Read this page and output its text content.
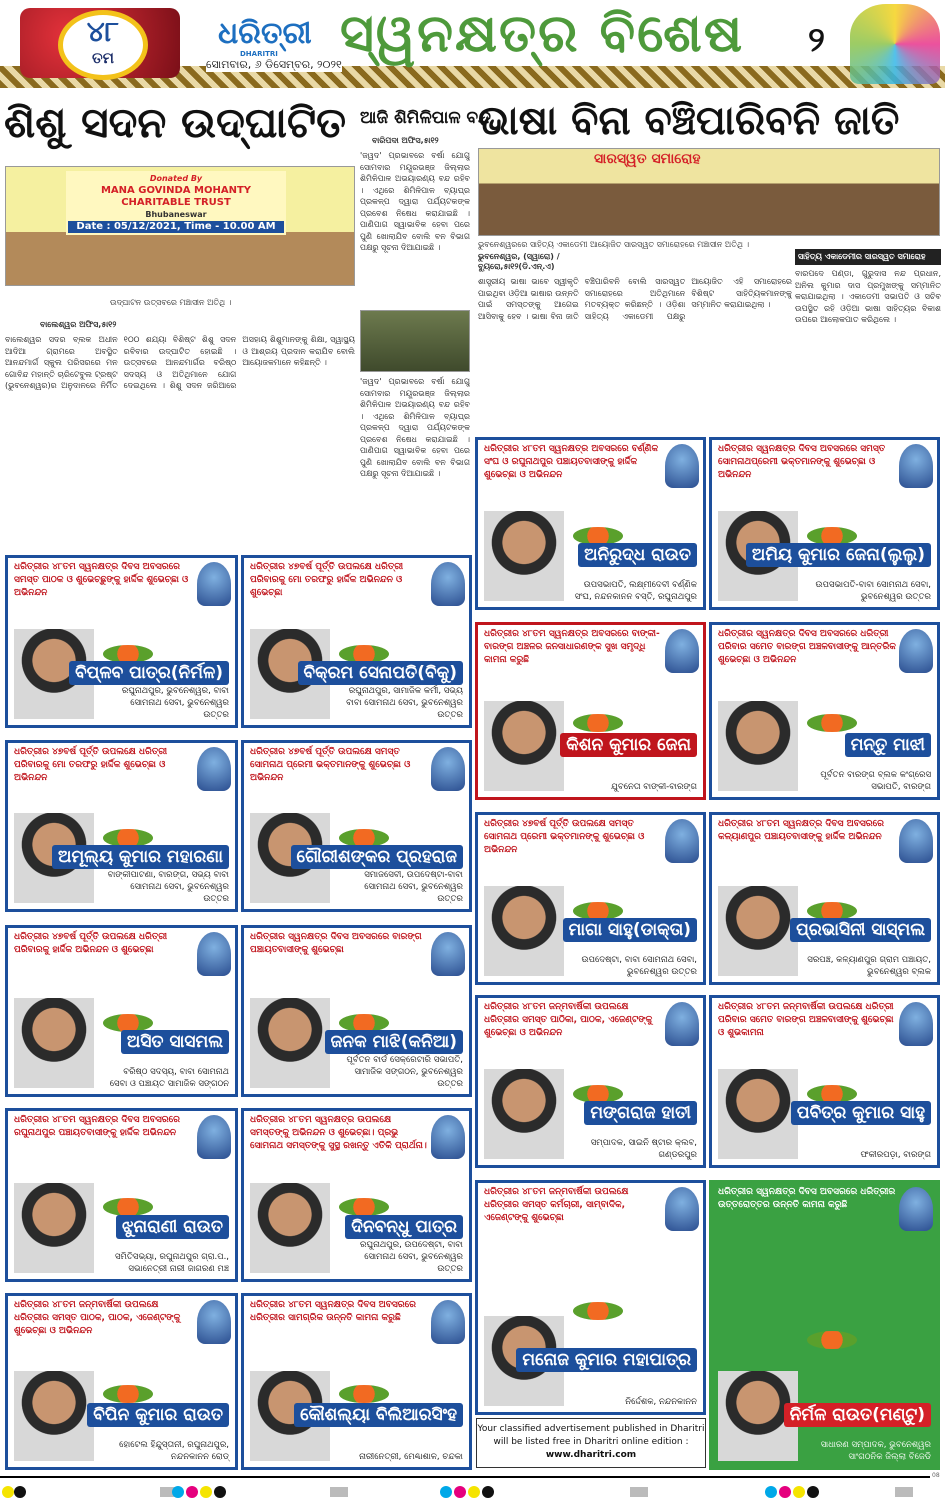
୪୮
ତମ
ଧରିତ୍ରୀ
DHARITRI
ସୋମବାର, ୬ ଡିସେମ୍ବର, ୨୦୨୧
ସ୍ୱନକ୍ଷତ୍ର ବିଶେଷ ୨
ଶିଶୁ ସଦନ ଉଦ୍‌ଘାଟିତ
Donated By
MANA GOVINDA MOHANTY
CHARITABLE TRUST
Bhubaneswar
Date : 05/12/2021, Time - 10.00 AM
ଉଦ୍‌ଘାଟନ ଉତ୍ସବରେ ମଞ୍ଚାସୀନ ଅତିଥି ।
ବାଲେଶ୍ୱର ଅଫିସ,୫ା୧୨
ବାଲେଶ୍ୱର ସଦର ବ୍ଲକ ଅଧୀନ ଆଦିଆ ଗ୍ରାମରେ ଅବସ୍ଥିତ ଆନନ୍ଦମାର୍ଗ ସ୍କୁଲ ପରିସରରେ ମନ ଗୋବିନ୍ଦ ମହାନ୍ତି ଚାରିଟେବୁଲ ଟ୍ରଷ୍ଟ (ଭୁବନେଶ୍ୱର)ର ଅନୁଦାନରେ ନିର୍ମିତ ୧୦୦ ଶଯ୍ୟା ବିଶିଷ୍ଟ ଶିଶୁ ସଦନ ରବିବାର ଉଦ୍‌ଘାଟିତ ହୋଇଛି । ଉତ୍ସବରେ ଆନନ୍ଦମାର୍ଗର ବରିଷ୍ଠ ସଦସ୍ୟ ଓ ଅତିଥିମାନେ ଯୋଗ ଦେଇଥିଲେ । ଶିଶୁ ସଦନ ଜରିଆରେ ଅସହାୟ ଶିଶୁମାନଙ୍କୁ ଶିକ୍ଷା, ସ୍ୱାସ୍ଥ୍ୟ ଓ ଆଶ୍ରୟ ପ୍ରଦାନ କରାଯିବ ବୋଲି ଆୟୋଜକମାନେ କହିଛନ୍ତି ।
ଆଜି ଶିମିଳିପାଳ ବନ୍ଦ
ବାରିପଦା ଅଫିସ,୫ା୧୨
'ଜୱଦ' ପ୍ରଭାବରେ ବର୍ଷା ଯୋଗୁ ସୋମବାର ମୟୂରଭଞ୍ଜ ଜିଲ୍ଲାର ଶିମିଳିପାଳ ଅଭୟାରଣ୍ୟ ବନ୍ଦ ରହିବ । ଏଥିରେ ଶିମିଳିପାଳ ବ୍ୟାଘ୍ର ପ୍ରକଳ୍ପ ଦ୍ୱାରା ପର୍ଯ୍ୟଟକଙ୍କ ପ୍ରବେଶ ନିଷେଧ କରାଯାଇଛି । ପାଣିପାଗ ସ୍ୱାଭାବିକ ହେବା ପରେ ପୁଣି ଖୋଲାଯିବ ବୋଲି ବନ ବିଭାଗ ପକ୍ଷରୁ ସୂଚନା ଦିଆଯାଇଛି ।
'ଜୱଦ' ପ୍ରଭାବରେ ବର୍ଷା ଯୋଗୁ ସୋମବାର ମୟୂରଭଞ୍ଜ ଜିଲ୍ଲାର ଶିମିଳିପାଳ ଅଭୟାରଣ୍ୟ ବନ୍ଦ ରହିବ । ଏଥିରେ ଶିମିଳିପାଳ ବ୍ୟାଘ୍ର ପ୍ରକଳ୍ପ ଦ୍ୱାରା ପର୍ଯ୍ୟଟକଙ୍କ ପ୍ରବେଶ ନିଷେଧ କରାଯାଇଛି । ପାଣିପାଗ ସ୍ୱାଭାବିକ ହେବା ପରେ ପୁଣି ଖୋଲାଯିବ ବୋଲି ବନ ବିଭାଗ ପକ୍ଷରୁ ସୂଚନା ଦିଆଯାଇଛି ।
ଭାଷା ବିନା ବଞ୍ଚିପାରିବନି ଜାତି
ସାରସ୍ୱତ ସମାରୋହ
ଭୁବନେଶ୍ୱରରେ ସାହିତ୍ୟ ଏକାଡେମୀ ଆୟୋଜିତ ସାରସ୍ୱତ ସମାରୋହରେ ମଞ୍ଚାସୀନ ଅତିଥି ।
ଭୁବନେଶ୍ୱର, (ସ୍ୱାରୋ) / ବ୍ୟୁରୋ,୫ା୧୨(ଡି.ଏନ୍.ଏ)
ଶାସ୍ତ୍ରୀୟ ଭାଷା ଭାବେ ସ୍ୱୀକୃତି ପାଇଥିବା ଓଡ଼ିଆ ଭାଷାର ଉନ୍ନତି ପାଇଁ ସମସ୍ତଙ୍କୁ ଆଗେଇ ଆସିବାକୁ ହେବ । ଭାଷା ବିନା ଜାତି ବଞ୍ଚିପାରିବନି ବୋଲି ସାରସ୍ୱତ ସମାରୋହରେ ଅତିଥିମାନେ ମତବ୍ୟକ୍ତ କରିଛନ୍ତି । ଓଡ଼ିଶା ସାହିତ୍ୟ ଏକାଡେମୀ ପକ୍ଷରୁ ଆୟୋଜିତ ଏହି ସମାରୋହରେ ବିଶିଷ୍ଟ ସାହିତ୍ୟିକମାନଙ୍କୁ ସମ୍ମାନିତ କରାଯାଇଥିଲା ।
ସାହିତ୍ୟ ଏକାଡେମୀର ସାରସ୍ୱତ ସମାରୋହ
ବାରପଦେ ପଣ୍ଡା, ଗୁରୁଦାସ ନନ୍ଦ ପ୍ରଧାନ, ଅନିଲ କୁମାର ଦାସ ପ୍ରମୁଖଙ୍କୁ ସମ୍ମାନିତ କରାଯାଇଥିଲା । ଏକାଡେମୀ ସଭାପତି ଓ ସଚିବ ଉପସ୍ଥିତ ରହି ଓଡ଼ିଆ ଭାଷା ସାହିତ୍ୟର ବିକାଶ ଉପରେ ଆଲୋକପାତ କରିଥିଲେ ।
ଧରିତ୍ରୀର ୪୮ତମ ସ୍ୱନକ୍ଷତ୍ର ଦିବସ ଅବସରରେ ସମସ୍ତ ପାଠକ ଓ ଶୁଭେଚ୍ଛୁଙ୍କୁ ହାର୍ଦ୍ଦିକ ଶୁଭେଚ୍ଛା ଓ ଅଭିନନ୍ଦନ
ବିପ୍ଳବ ପାତ୍ର(ନିର୍ମଳ)
ରଘୁନାଥପୁର, ଭୁବନେଶ୍ୱର, ବାବା ସୋମନାଥ ସେବା, ଭୁବନେଶ୍ୱର ଉତ୍ତର
ଧରିତ୍ରୀର ୪୭ବର୍ଷ ପୂର୍ତ୍ତି ଉପଲକ୍ଷେ ଧରିତ୍ରୀ ପରିବାରକୁ ମୋ ତରଫରୁ ହାର୍ଦ୍ଦିକ ଅଭିନନ୍ଦନ ଓ ଶୁଭେଚ୍ଛା
ବିକ୍ରମ ସେନାପତି(ବିକୁ)
ରଘୁନାଥପୁର, ସାମାଜିକ କର୍ମୀ, ସଭ୍ୟ ବାବା ସୋମନାଥ ସେବା, ଭୁବନେଶ୍ୱର ଉତ୍ତର
ଧରିତ୍ରୀର ୪୭ବର୍ଷ ପୂର୍ତ୍ତି ଉପଲକ୍ଷେ ଧରିତ୍ରୀ ପରିବାରକୁ ମୋ ତରଫରୁ ହାର୍ଦ୍ଦିକ ଶୁଭେଚ୍ଛା ଓ ଅଭିନନ୍ଦନ
ଅମୂଲ୍ୟ କୁମାର ମହାରଣା
ବାଙ୍କୀପାଟଣା, ବାରଙ୍ଗ, ସଭ୍ୟ ବାବା ସୋମନାଥ ସେବା, ଭୁବନେଶ୍ୱର ଉତ୍ତର
ଧରିତ୍ରୀର ୪୭ବର୍ଷ ପୂର୍ତ୍ତି ଉପଲକ୍ଷେ ସମସ୍ତ ସୋମନାଥ ପ୍ରେମୀ ଭକ୍ତମାନଙ୍କୁ ଶୁଭେଚ୍ଛା ଓ ଅଭିନନ୍ଦନ
ଗୌରୀଶଙ୍କର ପ୍ରହରାଜ
ସମାଜସେବୀ, ଉପଦେଷ୍ଟା-ବାବା ସୋମନାଥ ସେବା, ଭୁବନେଶ୍ୱର ଉତ୍ତର
ଧରିତ୍ରୀର ୪୭ବର୍ଷ ପୂର୍ତ୍ତି ଉପଲକ୍ଷେ ଧରିତ୍ରୀ ପରିବାରକୁ ହାର୍ଦ୍ଦିକ ଅଭିନନ୍ଦନ ଓ ଶୁଭେଚ୍ଛା
ଅସିତ ସାସମଲ
ବରିଷ୍ଠ ସଦସ୍ୟ, ବାବା ସୋମନାଥ ସେବା ଓ ପଞ୍ଚାୟତ ସାମାଜିକ ସଙ୍ଗଠନ
ଧରିତ୍ରୀର ସ୍ୱନକ୍ଷତ୍ର ଦିବସ ଅବସରରେ ବାରଙ୍ଗ ପଞ୍ଚାୟତବାସୀଙ୍କୁ ଶୁଭେଚ୍ଛା
ଜନକ ମାଝି(କନିଆ)
ପୂର୍ବତନ ବାର୍ଡ ସେକ୍ରେଟାରି ସଭାପତି, ସାମାଜିକ ସଙ୍ଗଠନ, ଭୁବନେଶ୍ୱର ଉତ୍ତର
ଧରିତ୍ରୀର ୪୮ତମ ସ୍ୱନକ୍ଷତ୍ର ଦିବସ ଅବସରରେ ରଘୁନାଥପୁର ପଞ୍ଚାୟତବାସୀଙ୍କୁ ହାର୍ଦ୍ଦିକ ଅଭିନନ୍ଦନ
ଝୁନାରାଣୀ ରାଉତ
ସମିତିସଭ୍ୟା, ରଘୁନାଥପୁର ଗ୍ରା.ପ., ସଭାନେତ୍ରୀ ନାରୀ ଜାଗରଣ ମଞ୍ଚ
ଧରିତ୍ରୀର ୪୮ତମ ସ୍ୱନକ୍ଷତ୍ର ଉପଲକ୍ଷେ ସମସ୍ତଙ୍କୁ ଅଭିନନ୍ଦନ ଓ ଶୁଭେଚ୍ଛା। ପ୍ରଭୁ ସୋମନାଥ ସମସ୍ତଙ୍କୁ ସୁସ୍ଥ ରଖନ୍ତୁ ଏତିକି ପ୍ରାର୍ଥନା।
ଦିନବନ୍ଧୁ ପାତ୍ର
ରଘୁନାଥପୁର, ଉପଦେଷ୍ଟା, ବାବା ସୋମନାଥ ସେବା, ଭୁବନେଶ୍ୱର ଉତ୍ତର
ଧରିତ୍ରୀର ୪୮ତମ ଜନ୍ମବାର୍ଷିକୀ ଉପଲକ୍ଷେ ଧରିତ୍ରୀର ସମସ୍ତ ପାଠକ, ପାଠକ, ଏଜେଣ୍ଟଙ୍କୁ ଶୁଭେଚ୍ଛା ଓ ଅଭିନନ୍ଦନ
ବିପିନ କୁମାର ରାଉତ
ହୋଟେଲ ହିନ୍ଦୁସ୍ତାନୀ, ରଘୁନାଥପୁର, ନନ୍ଦନକାନନ ରୋଡ୍
ଧରିତ୍ରୀର ୪୮ତମ ସ୍ୱନକ୍ଷତ୍ର ଦିବସ ଅବସରରେ ଧରିତ୍ରୀର ସାମଗ୍ରିକ ଉନ୍ନତି କାମନା କରୁଛି
କୌଶଲ୍ୟା ବିଲିଆରସିଂହ
ନାରୀନେତ୍ରୀ, ମେଣ୍ଢାଶାଳ, ଚନ୍ଦକା
ଧରିତ୍ରୀର ୪୮ତମ ସ୍ୱନକ୍ଷତ୍ର ଅବସରରେ ବର୍ଣ୍ଣିକ ସଂଘ ଓ ରଘୁନାଥପୁର ପଞ୍ଚାୟତବାସୀଙ୍କୁ ହାର୍ଦ୍ଦିକ ଶୁଭେଚ୍ଛା ଓ ଅଭିନନ୍ଦନ
ଅନିରୁଦ୍ଧ ରାଉତ
ଉପସଭାପତି, ଲକ୍ଷ୍ମୀଦେବୀ ବର୍ଣ୍ଣିକ ସଂଘ, ନନ୍ଦନକାନନ ବସ୍ତି, ରଘୁନାଥପୁର
ଧରିତ୍ରୀର ସ୍ୱନକ୍ଷତ୍ର ଦିବସ ଅବସରରେ ସମସ୍ତ ସୋମନାଥପ୍ରେମୀ ଭକ୍ତମାନଙ୍କୁ ଶୁଭେଚ୍ଛା ଓ ଅଭିନନ୍ଦନ
ଅମିୟ କୁମାର ଜେନା(ଲୁଲୁ)
ଉପସଭାପତି-ବାବା ସୋମନାଥ ସେବା, ଭୁବନେଶ୍ୱର ଉତ୍ତର
ଧରିତ୍ରୀର ୪୮ତମ ସ୍ୱନକ୍ଷତ୍ର ଅବସରରେ ବାଙ୍କୀ-ବାରଙ୍ଗ ଅଞ୍ଚଳର ଜନସାଧାରଣଙ୍କ ସୁଖ ସମୃଦ୍ଧି କାମନା କରୁଛି
କିଶନ କୁମାର ଜେନା
ଯୁବନେତା ବାଙ୍କୀ-ବାରଙ୍ଗ
ଧରିତ୍ରୀର ସ୍ୱନକ୍ଷତ୍ର ଦିବସ ଅବସରରେ ଧରିତ୍ରୀ ପରିବାର ସମେତ ବାରଙ୍ଗ ଅଞ୍ଚଳବାସୀଙ୍କୁ ଆନ୍ତରିକ ଶୁଭେଚ୍ଛା ଓ ଅଭିନନ୍ଦନ
ମନ୍ତୁ ମାଝୀ
ପୂର୍ବତନ ବାରଙ୍ଗ ବ୍ଲକ କଂଗ୍ରେସ ସଭାପତି, ବାରଙ୍ଗ
ଧରିତ୍ରୀର ୪୭ବର୍ଷ ପୂର୍ତ୍ତି ଉପଲକ୍ଷେ ସମସ୍ତ ସୋମନାଥ ପ୍ରେମୀ ଭକ୍ତମାନଙ୍କୁ ଶୁଭେଚ୍ଛା ଓ ଅଭିନନ୍ଦନ
ମାଗା ସାହୁ(ଡାକ୍ତା)
ଉପଦେଷ୍ଟା, ବାବା ସୋମନାଥ ସେବା, ଭୁବନେଶ୍ୱର ଉତ୍ତର
ଧରିତ୍ରୀର ୪୮ତମ ସ୍ୱନକ୍ଷତ୍ର ଦିବସ ଅବସରରେ କଳ୍ୟାଣପୁର ପଞ୍ଚାୟତବାସୀଙ୍କୁ ହାର୍ଦ୍ଦିକ ଅଭିନନ୍ଦନ
ପ୍ରଭାସିନୀ ସାସ୍ମଲ
ସରପଞ୍ଚ, କଳ୍ୟାଣପୁର ଗ୍ରାମ ପଞ୍ଚାୟତ, ଭୁବନେଶ୍ୱର ବ୍ଲକ
ଧରିତ୍ରୀର ୪୮ତମ ଜନ୍ମବାର୍ଷିକୀ ଉପଲକ୍ଷେ ଧରିତ୍ରୀର ସମସ୍ତ ପାଠିକା, ପାଠକ, ଏଜେଣ୍ଟଙ୍କୁ ଶୁଭେଚ୍ଛା ଓ ଅଭିନନ୍ଦନ
ମଙ୍ଗରାଜ ହାତୀ
ସମ୍ପାଦକ, ସାଇନି ଷ୍ଟାର କ୍ଲବ, ଗଣ୍ଡରପୁର
ଧରିତ୍ରୀର ୪୮ତମ ଜନ୍ମବାର୍ଷିକୀ ଉପଲକ୍ଷେ ଧରିତ୍ରୀ ପରିବାର ସମେତ ବାରଙ୍ଗ ଅଞ୍ଚଳବାସୀଙ୍କୁ ଶୁଭେଚ୍ଛା ଓ ଶୁଭକାମନା
ପବିତ୍ର କୁମାର ସାହୁ
ଫକୀରପଡ଼ା, ବାରଙ୍ଗ
ଧରିତ୍ରୀର ୪୮ତମ ଜନ୍ମବାର୍ଷିକୀ ଉପଲକ୍ଷେ ଧରିତ୍ରୀର ସମସ୍ତ କର୍ମଚାରୀ, ସାମ୍ବାଦିକ, ଏଜେଣ୍ଟଙ୍କୁ ଶୁଭେଚ୍ଛା
ମନୋଜ କୁମାର ମହାପାତ୍ର
ନିର୍ଦ୍ଦେଶକ, ନନ୍ଦନକାନନ
ଧରିତ୍ରୀର ସ୍ୱନକ୍ଷତ୍ର ଦିବସ ଅବସରରେ ଧରିତ୍ରୀର ଉତ୍ତରୋତ୍ତର ଉନ୍ନତି କାମନା କରୁଛି
ନିର୍ମଳ ରାଉତ(ମଣ୍ଟୁ)
ସାଧାରଣ ସମ୍ପାଦକ, ଭୁବନେଶ୍ୱର ସାଂଗଠନିକ ଜିଲ୍ଲା ବିଜେଡି
Your classified advertisement published in Dharitri will be listed free in Dharitri online edition : www.dharitri.com
08
